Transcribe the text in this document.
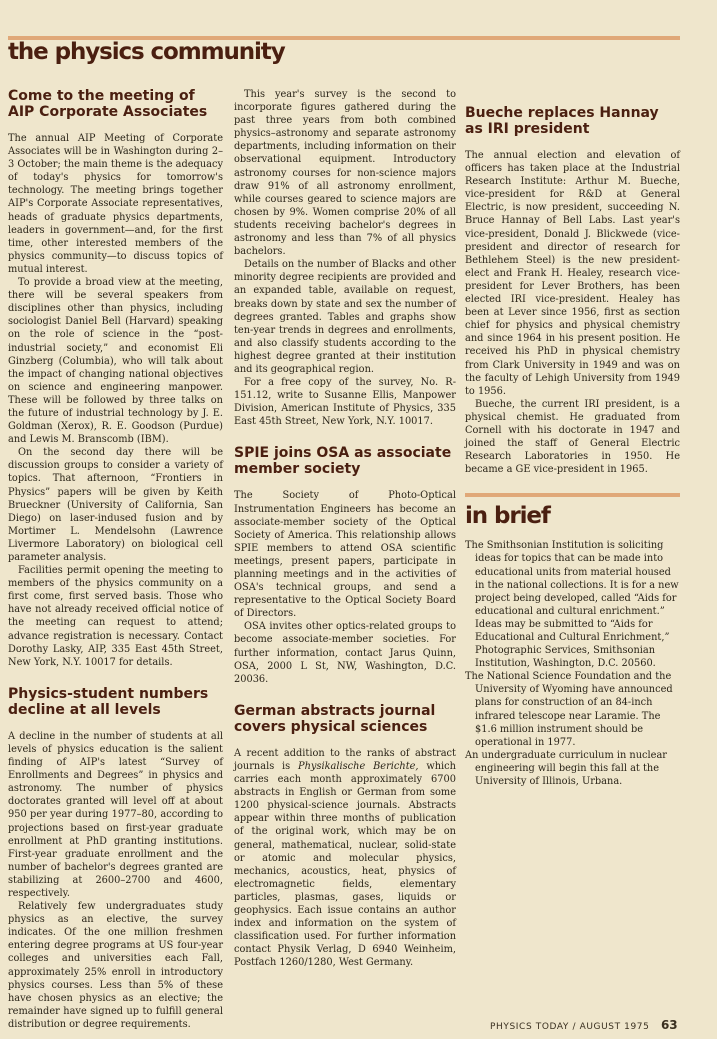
the physics community
Come to the meeting of AIP Corporate Associates

The annual AIP Meeting of Corporate Associates will be in Washington during 2–3 October; the main theme is the adequacy of today's physics for tomorrow's technology. The meeting brings together AIP's Corporate Associate representatives, heads of graduate physics departments, leaders in government—and, for the first time, other interested members of the physics community—to discuss topics of mutual interest.

To provide a broad view at the meeting, there will be several speakers from disciplines other than physics, including sociologist Daniel Bell (Harvard) speaking on the role of science in the “post-industrial society,” and economist Eli Ginzberg (Columbia), who will talk about the impact of changing national objectives on science and engineering manpower. These will be followed by three talks on the future of industrial technology by J. E. Goldman (Xerox), R. E. Goodson (Purdue) and Lewis M. Branscomb (IBM).

On the second day there will be discussion groups to consider a variety of topics. That afternoon, “Frontiers in Physics” papers will be given by Keith Brueckner (University of California, San Diego) on laser-indused fusion and by Mortimer L. Mendelsohn (Lawrence Livermore Laboratory) on biological cell parameter analysis.

Facilities permit opening the meeting to members of the physics community on a first come, first served basis. Those who have not already received official notice of the meeting can request to attend; advance registration is necessary. Contact Dorothy Lasky, AIP, 335 East 45th Street, New York, N.Y. 10017 for details.

Physics-student numbers decline at all levels

A decline in the number of students at all levels of physics education is the salient finding of AIP's latest “Survey of Enrollments and Degrees” in physics and astronomy. The number of physics doctorates granted will level off at about 950 per year during 1977–80, according to projections based on first-year graduate enrollment at PhD granting institutions. First-year graduate enrollment and the number of bachelor's degrees granted are stabilizing at 2600–2700 and 4600, respectively.

Relatively few undergraduates study physics as an elective, the survey indicates. Of the one million freshmen entering degree programs at US four-year colleges and universities each Fall, approximately 25% enroll in introductory physics courses. Less than 5% of these have chosen physics as an elective; the remainder have signed up to fulfill general distribution or degree requirements.

This year's survey is the second to incorporate figures gathered during the past three years from both combined physics–astronomy and separate astronomy departments, including information on their observational equipment. Introductory astronomy courses for non-science majors draw 91% of all astronomy enrollment, while courses geared to science majors are chosen by 9%. Women comprise 20% of all students receiving bachelor's degrees in astronomy and less than 7% of all physics bachelors.

Details on the number of Blacks and other minority degree recipients are provided and an expanded table, available on request, breaks down by state and sex the number of degrees granted. Tables and graphs show ten-year trends in degrees and enrollments, and also classify students according to the highest degree granted at their institution and its geographical region.

For a free copy of the survey, No. R-151.12, write to Susanne Ellis, Manpower Division, American Institute of Physics, 335 East 45th Street, New York, N.Y. 10017.

SPIE joins OSA as associate member society

The Society of Photo-Optical Instrumentation Engineers has become an associate-member society of the Optical Society of America. This relationship allows SPIE members to attend OSA scientific meetings, present papers, participate in planning meetings and in the activities of OSA's technical groups, and send a representative to the Optical Society Board of Directors.

OSA invites other optics-related groups to become associate-member societies. For further information, contact Jarus Quinn, OSA, 2000 L St, NW, Washington, D.C. 20036.

German abstracts journal covers physical sciences

A recent addition to the ranks of abstract journals is Physikalische Berichte, which carries each month approximately 6700 abstracts in English or German from some 1200 physical-science journals. Abstracts appear within three months of publication of the original work, which may be on general, mathematical, nuclear, solid-state or atomic and molecular physics, mechanics, acoustics, heat, physics of electromagnetic fields, elementary particles, plasmas, gases, liquids or geophysics. Each issue contains an author index and information on the system of classification used. For further information contact Physik Verlag, D 6940 Weinheim, Postfach 1260/1280, West Germany.

Bueche replaces Hannay as IRI president

The annual election and elevation of officers has taken place at the Industrial Research Institute: Arthur M. Bueche, vice-president for R&D at General Electric, is now president, succeeding N. Bruce Hannay of Bell Labs. Last year's vice-president, Donald J. Blickwede (vice-president and director of research for Bethlehem Steel) is the new president-elect and Frank H. Healey, research vice-president for Lever Brothers, has been elected IRI vice-president. Healey has been at Lever since 1956, first as section chief for physics and physical chemistry and since 1964 in his present position. He received his PhD in physical chemistry from Clark University in 1949 and was on the faculty of Lehigh University from 1949 to 1956.

Bueche, the current IRI president, is a physical chemist. He graduated from Cornell with his doctorate in 1947 and joined the staff of General Electric Research Laboratories in 1950. He became a GE vice-president in 1965.

in brief

The Smithsonian Institution is soliciting ideas for topics that can be made into educational units from material housed in the national collections. It is for a new project being developed, called “Aids for educational and cultural enrichment.” Ideas may be submitted to “Aids for Educational and Cultural Enrichment,” Photographic Services, Smithsonian Institution, Washington, D.C. 20560.

The National Science Foundation and the University of Wyoming have announced plans for construction of an 84-inch infrared telescope near Laramie. The $1.6 million instrument should be operational in 1977.

An undergraduate curriculum in nuclear engineering will begin this fall at the University of Illinois, Urbana.

PHYSICS TODAY / AUGUST 1975 63
